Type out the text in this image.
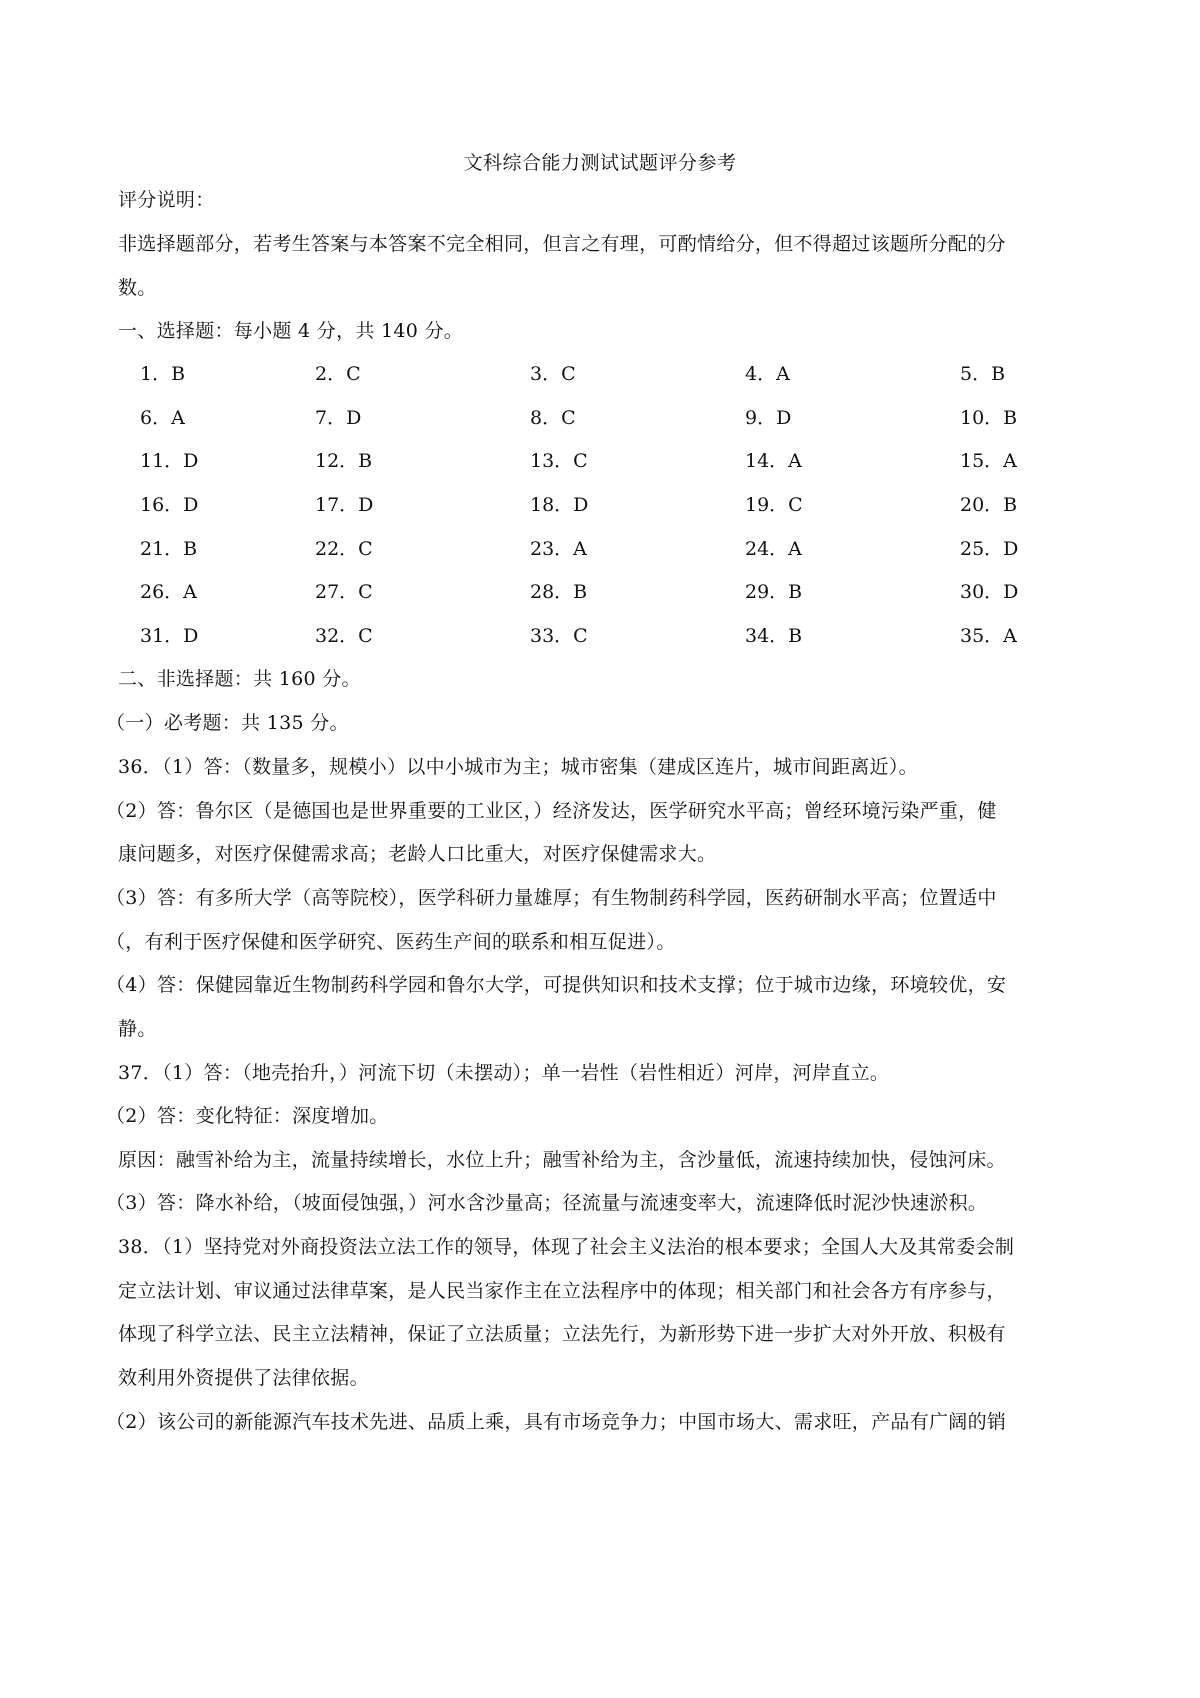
文科综合能力测试试题评分参考
评分说明：
非选择题部分，若考生答案与本答案不完全相同，但言之有理，可酌情给分，但不得超过该题所分配的分
数。
一、选择题：每小题 4 分，共 140 分。
1．B	2．C	3．C	4．A	5．B
6．A	7．D	8．C	9．D	10．B
11．D	12．B	13．C	14．A	15．A
16．D	17．D	18．D	19．C	20．B
21．B	22．C	23．A	24．A	25．D
26．A	27．C	28．B	29．B	30．D
31．D	32．C	33．C	34．B	35．A
二、非选择题：共 160 分。
（一）必考题：共 135 分。
36．（1）答：（数量多，规模小）以中小城市为主；城市密集（建成区连片，城市间距离近）。
（2）答：鲁尔区（是德国也是世界重要的工业区，）经济发达，医学研究水平高；曾经环境污染严重，健
康问题多，对医疗保健需求高；老龄人口比重大，对医疗保健需求大。
（3）答：有多所大学（高等院校），医学科研力量雄厚；有生物制药科学园，医药研制水平高；位置适中
（，有利于医疗保健和医学研究、医药生产间的联系和相互促进）。
（4）答：保健园靠近生物制药科学园和鲁尔大学，可提供知识和技术支撑；位于城市边缘，环境较优，安
静。
37．（1）答：（地壳抬升，）河流下切（未摆动）；单一岩性（岩性相近）河岸，河岸直立。
（2）答：变化特征：深度增加。
原因：融雪补给为主，流量持续增长，水位上升；融雪补给为主，含沙量低，流速持续加快，侵蚀河床。
（3）答：降水补给，（坡面侵蚀强，）河水含沙量高；径流量与流速变率大，流速降低时泥沙快速淤积。
38．（1）坚持党对外商投资法立法工作的领导，体现了社会主义法治的根本要求；全国人大及其常委会制
定立法计划、审议通过法律草案，是人民当家作主在立法程序中的体现；相关部门和社会各方有序参与，
体现了科学立法、民主立法精神，保证了立法质量；立法先行，为新形势下进一步扩大对外开放、积极有
效利用外资提供了法律依据。
（2）该公司的新能源汽车技术先进、品质上乘，具有市场竞争力；中国市场大、需求旺，产品有广阔的销
